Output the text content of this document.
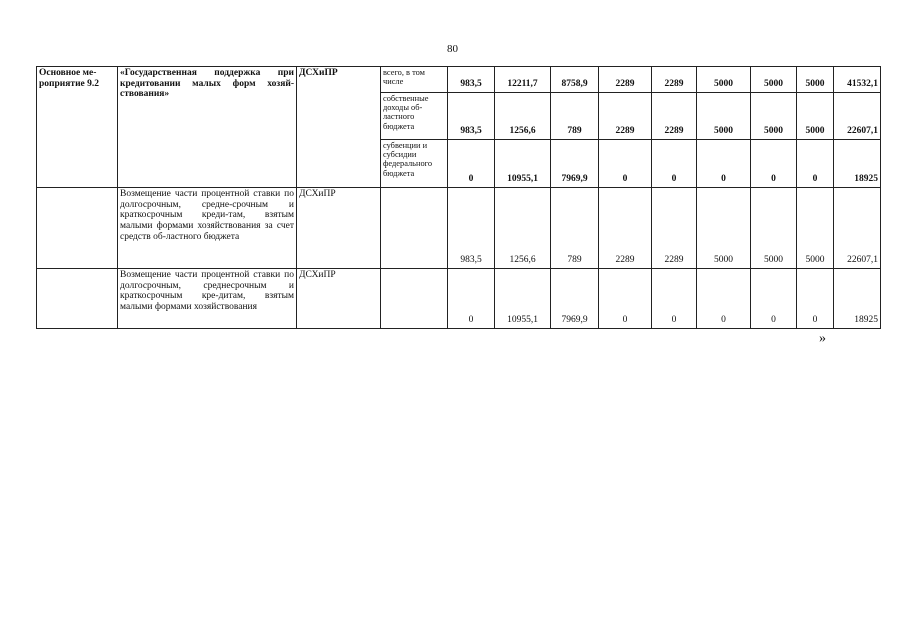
80
Основное ме-роприятие 9.2	«Государственная поддержка при кредитовании малых форм хозяй-ствования»	ДСХиПР	всего, в том числе	983,5	12211,7	8758,9	2289	2289	5000	5000	5000	41532,1
			собственные доходы об-ластного бюджета	983,5	1256,6	789	2289	2289	5000	5000	5000	22607,1
			субвенции и субсидии федерального бюджета	0	10955,1	7969,9	0	0	0	0	0	18925
	Возмещение части процентной ставки по долгосрочным, средне-срочным и краткосрочным креди-там, взятым малыми формами хозяйствования за счет средств об-ластного бюджета	ДСХиПР		983,5	1256,6	789	2289	2289	5000	5000	5000	22607,1
	Возмещение части процентной ставки по долгосрочным, среднесрочным и краткосрочным кре-дитам, взятым малыми формами хозяйствования	ДСХиПР		0	10955,1	7969,9	0	0	0	0	0	18925
»
